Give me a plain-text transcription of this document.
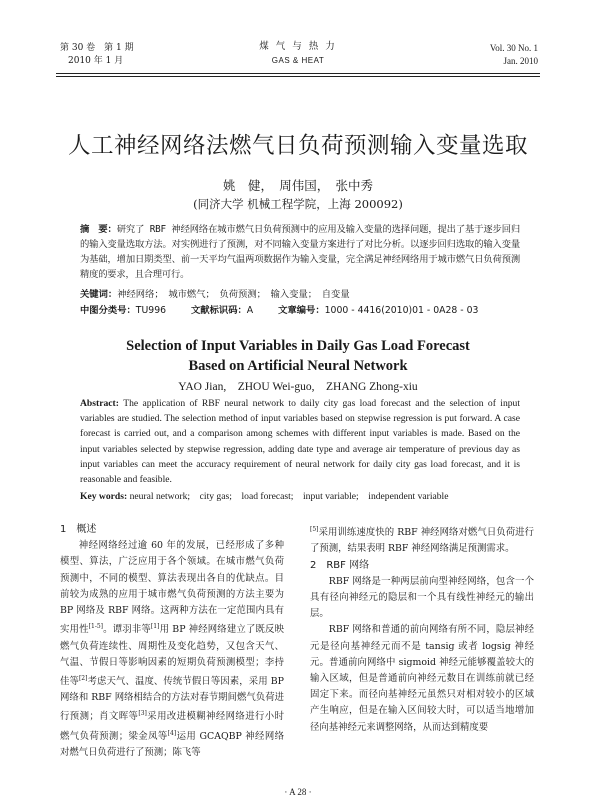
第 30 卷　第 1 期
2010 年 1 月
煤 气 与 热 力
GAS & HEAT
Vol. 30 No. 1
Jan. 2010
人工神经网络法燃气日负荷预测输入变量选取
姚　健，　周伟国，　张中秀
(同济大学 机械工程学院，上海 200092)
摘　要：研究了 RBF 神经网络在城市燃气日负荷预测中的应用及输入变量的选择问题，提出了基于逐步回归的输入变量选取方法。对实例进行了预测，对不同输入变量方案进行了对比分析。以逐步回归选取的输入变量为基础，增加日期类型、前一天平均气温两项数据作为输入变量，完全满足神经网络用于城市燃气日负荷预测精度的要求，且合理可行。
关键词：神经网络；　城市燃气；　负荷预测；　输入变量；　自变量
中图分类号：TU996	文献标识码：A	文章编号：1000 - 4416(2010)01 - 0A28 - 03
Selection of Input Variables in Daily Gas Load Forecast
Based on Artificial Neural Network
YAO Jian,　ZHOU Wei-guo,　ZHANG Zhong-xiu
Abstract: The application of RBF neural network to daily city gas load forecast and the selection of input variables are studied. The selection method of input variables based on stepwise regression is put forward. A case forecast is carried out, and a comparison among schemes with different input variables is made. Based on the input variables selected by stepwise regression, adding date type and average air temperature of previous day as input variables can meet the accuracy requirement of neural network for daily city gas load forecast, and it is reasonable and feasible.
Key words: neural network;　city gas;　load forecast;　input variable;　independent variable

1　概述

神经网络经过逾 60 年的发展，已经形成了多种模型、算法，广泛应用于各个领域。在城市燃气负荷预测中，不同的模型、算法表现出各自的优缺点。目前较为成熟的应用于城市燃气负荷预测的方法主要为 BP 网络及 RBF 网络。这两种方法在一定范围内具有实用性[1-5]。谭羽非等[1]用 BP 神经网络建立了既反映燃气负荷连续性、周期性及变化趋势，又包含天气、气温、节假日等影响因素的短期负荷预测模型；李持佳等[2]考虑天气、温度、传统节假日等因素，采用 BP 网络和 RBF 网络相结合的方法对春节期间燃气负荷进行预测；肖文晖等[3]采用改进模糊神经网络进行小时燃气负荷预测；梁金凤等[4]运用 GCAQBP 神经网络对燃气日负荷进行了预测；陈飞等

[5]采用训练速度快的 RBF 神经网络对燃气日负荷进行了预测，结果表明 RBF 神经网络满足预测需求。

2　RBF 网络

RBF 网络是一种两层前向型神经网络，包含一个具有径向神经元的隐层和一个具有线性神经元的输出层。

RBF 网络和普通的前向网络有所不同，隐层神经元是径向基神经元而不是 tansig 或者 logsig 神经元。普通前向网络中 sigmoid 神经元能够覆盖较大的输入区域，但是普通前向神经元数目在训练前就已经固定下来。而径向基神经元虽然只对相对较小的区域产生响应，但是在输入区间较大时，可以适当地增加径向基神经元来调整网络，从而达到精度要

· A 28 ·
